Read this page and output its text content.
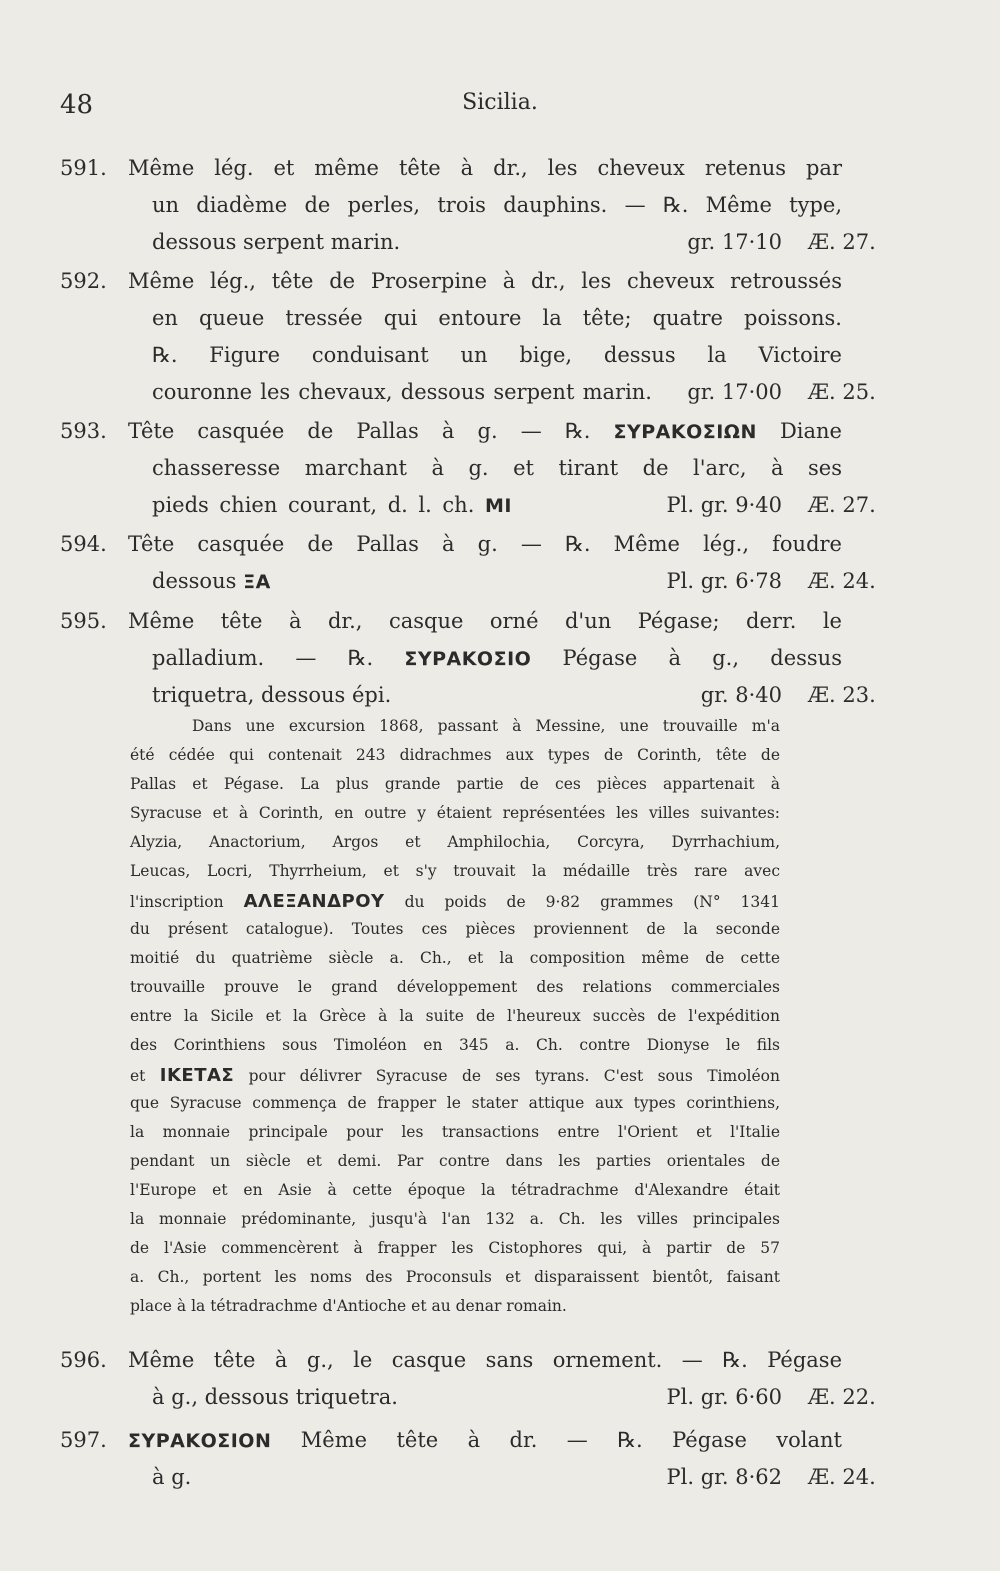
48	Sicilia.
591. Même lég. et même tête à dr., les cheveux retenus par
un diadème de perles, trois dauphins. — ℞. Même type,
dessous serpent marin.	gr. 17·10 Æ. 27.
592. Même lég., tête de Proserpine à dr., les cheveux retroussés
en queue tressée qui entoure la tête; quatre poissons.
℞. Figure conduisant un bige, dessus la Victoire
couronne les chevaux, dessous serpent marin. gr. 17·00 Æ. 25.
593. Tête casquée de Pallas à g. — ℞. ΣΥΡΑΚΟΣΙΩΝ Diane
chasseresse marchant à g. et tirant de l'arc, à ses
pieds chien courant, d. l. ch. MI	Pl. gr. 9·40 Æ. 27.
594. Tête casquée de Pallas à g. — ℞. Même lég., foudre
dessous ΞΑ	Pl. gr. 6·78 Æ. 24.
595. Même tête à dr., casque orné d'un Pégase; derr. le
palladium. — ℞. ΣΥΡΑΚΟΣΙΟ Pégase à g., dessus
triquetra, dessous épi.	gr. 8·40 Æ. 23.
Dans une excursion 1868, passant à Messine, une trouvaille m'a
été cédée qui contenait 243 didrachmes aux types de Corinth, tête de
Pallas et Pégase. La plus grande partie de ces pièces appartenait à
Syracuse et à Corinth, en outre y étaient représentées les villes suivantes:
Alyzia, Anactorium, Argos et Amphilochia, Corcyra, Dyrrhachium,
Leucas, Locri, Thyrrheium, et s'y trouvait la médaille très rare avec
l'inscription ΑΛΕΞΑΝΔΡΟΥ du poids de 9·82 grammes (N° 1341
du présent catalogue). Toutes ces pièces proviennent de la seconde
moitié du quatrième siècle a. Ch., et la composition même de cette
trouvaille prouve le grand développement des relations commerciales
entre la Sicile et la Grèce à la suite de l'heureux succès de l'expédition
des Corinthiens sous Timoléon en 345 a. Ch. contre Dionyse le fils
et ΙΚΕΤΑΣ pour délivrer Syracuse de ses tyrans. C'est sous Timoléon
que Syracuse commença de frapper le stater attique aux types corinthiens,
la monnaie principale pour les transactions entre l'Orient et l'Italie
pendant un siècle et demi. Par contre dans les parties orientales de
l'Europe et en Asie à cette époque la tétradrachme d'Alexandre était
la monnaie prédominante, jusqu'à l'an 132 a. Ch. les villes principales
de l'Asie commencèrent à frapper les Cistophores qui, à partir de 57
a. Ch., portent les noms des Proconsuls et disparaissent bientôt, faisant
place à la tétradrachme d'Antioche et au denar romain.
596. Même tête à g., le casque sans ornement. — ℞. Pégase
à g., dessous triquetra.	Pl. gr. 6·60 Æ. 22.
597. ΣΥΡΑΚΟΣΙΟΝ Même tête à dr. — ℞. Pégase volant
à g.	Pl. gr. 8·62 Æ. 24.
